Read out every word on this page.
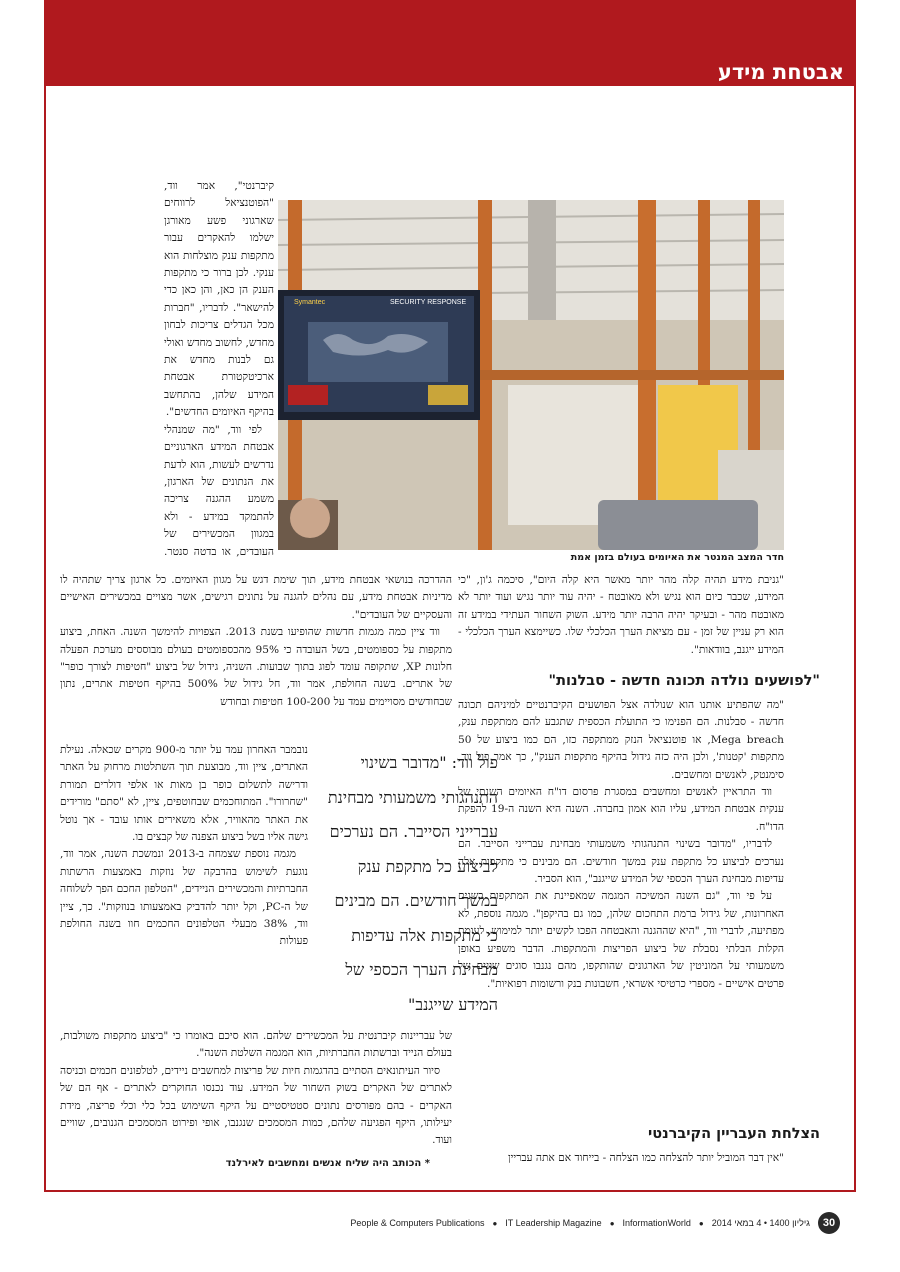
אבטחת מידע

קיברנטי", אמר ווד, "הפוטנציאל לרווחים שארגוני פשע מאורגן ישלמו להאקרים עבור מתקפות ענק מוצלחות הוא ענקי. לכן ברור כי מתקפות הענק הן כאן, והן כאן כדי להישאר". לדבריו, "חברות מכל הגדלים צריכות לבחון מחדש, לחשוב מחדש ואולי גם לבנות מחדש את ארכיטקטורת אבטחת המידע שלהן, בהתחשב בהיקף האיומים החדשים".

לפי ווד, "מה שמנהלי אבטחת המידע הארגוניים נדרשים לעשות, הוא לדעת את הנתונים של הארגון, משמע ההגנה צריכה להתמקד במידע - ולא במגוון המכשירים של העובדים, או בדטה סנטר.

Symantec	SECURITY RESPONSE
חדר המצב המנטר את האיומים בעולם בזמן אמת

"גניבת מידע תהיה קלה מהר יותר מאשר היא קלה היום", סיכמה ג'ון, "כי המידע, שכבר כיום הוא נגיש ולא מאובטח - יהיה עוד יותר נגיש ועוד יותר לא מאובטח מהר - ובעיקר יהיה הרבה יותר מידע. השוק השחור העתידי במידע זה הוא רק עניין של זמן - עם מציאת הערך הכלכלי שלו. כשיימצא הערך הכלכלי - המידע ייגנב, בוודאות".

"לפושעים נולדה תכונה חדשה - סבלנות"

"מה שהפתיע אותנו הוא שנולדה אצל הפושעים הקיברנטיים למיניהם תכונה חדשה - סבלנות. הם הפנימו כי התועלת הכספית שתגבע להם ממתקפת ענק, Mega breach, או פוטנציאל הנזק ממתקפה כזו, הם כמו ביצוע של 50 מתקפות 'קטנות', ולכן היה כזה גידול בהיקף מתקפות הענק", כך אמר פול ווד, סימנטק, לאנשים ומחשבים.

ווד התראיין לאנשים ומחשבים במסגרת פרסום דו"ח האיומים השנתי של ענקית אבטחת המידע, עליו הוא אמון בחברה. השנה היא השנה ה-19 להפקת הדו"ח.

לדבריו, "מדובר בשינוי התנהגותי משמעותי מבחינת עברייני הסייבר. הם נערכים לביצוע כל מתקפת ענק במשך חודשים. הם מבינים כי מתקפות אלה עדיפות מבחינת הערך הכספי של המידע שייגנב", הוא הסביר.

על פי ווד, "גם השנה המשיכה המגמה שמאפיינת את המתקפות בשנים האחרונות, של גידול ברמת התחכום שלהן, כמו גם בהיקפן". מגמה נוספת, לא מפתיעה, לדברי ווד, "היא שההגנה והאבטחה הפכו לקשים יותר למימוש, לעומת הקלות הבלתי נסבלת של ביצוע הפריצות והמתקפות. הדבר משפיע באופן משמעותי על המוניטין של הארגונים שהותקפו, מהם נגנבו סוגים שונים של פרטים אישיים - מספרי כרטיסי אשראי, חשבונות בנק ורשומות רפואיות".

הצלחת העבריין הקיברנטי

"אין דבר המוביל יותר להצלחה כמו הצלחה - בייחוד אם אתה עבריין

ההדרכה בנושאי אבטחת מידע, תוך שימת דגש על מגוון האיומים. כל ארגון צריך שתהיה לו מדיניות אבטחת מידע, עם נהלים להגנה על נתונים רגישים, אשר מצויים במכשירים האישיים והעסקיים של העובדים".

ווד ציין כמה מגמות חדשות שהופיעו בשנת 2013. הצפויות להימשך השנה. האחת, ביצוע מתקפות על כספומטים, בשל העובדה כי 95% מהכספומטים בעולם מבוססים מערכת הפעלה חלונות XP, שתקופה עומד לפוג בתוך שבועות. השניה, גידול של ביצוע "חטיפות לצורך כופר" של אתרים. בשנה החולפת, אמר ווד, חל גידול של 500% בהיקף חטיפות אתרים, נתון שבחודשים מסויימים עמד על 100-200 חטיפות ובחודש

נובמבר האחרון עמד על יותר מ-900 מקרים שכאלה. נעילת האתרים, ציין ווד, מבוצעת תוך השתלטות מרחוק על האתר ודרישה לתשלום כופר בן מאות או אלפי דולרים תמורת "שחרורו". המתוחכמים שבחוטפים, ציין, לא "סתם" מורידים את האתר מהאוויר, אלא משאירים אותו עובד - אך נוטל גישה אליו בשל ביצוע הצפנה של קבצים בו.

מגמה נוספת שצמחה ב-2013 ונמשכת השנה, אמר ווד, נוגעת לשימוש בהדבקה של נוזקות באמצעות הרשתות החברתיות והמכשירים הניידים, "הטלפון החכם הפך לשלוחה של ה-PC, וקל יותר להדביק באמצעותו בנוזקות". כך, ציין ווד, 38% מבעלי הטלפונים החכמים חוו בשנה החולפת פעולות

פול ווד: "מדובר בשינוי התנהגותי משמעותי מבחינת עברייני הסייבר. הם נערכים לביצוע כל מתקפת ענק במשך חודשים. הם מבינים כי מתקפות אלה עדיפות מבחינת הערך הכספי של המידע שייגנב"

של עבריינות קיברנטית על המכשירים שלהם. הוא סיכם באומרו כי "ביצוע מתקפות משולבות, בעולם הנייד וברשתות החברתיות, הוא המגמה השלטת השנה".

סיור העיתונאים הסתיים בהדגמות חיות של פריצות למחשבים ניידים, לטלפונים חכמים וכניסה לאתרים של האקרים בשוק השחור של המידע. עוד נכנסו החוקרים לאתרים - אף הם של האקרים - בהם מפורסים נתונים סטטיסטיים על היקף השימוש בכל כלי וכלי פריצה, מידת יעילותו, היקף הפגיעה שלהם, כמות המסמכים שנגנבו, אופי ופירוט המסמכים הגנובים, שוויים ועוד.

* הכותב היה שליח אנשים ומחשבים לאירלנד
People & Computers Publications ● IT Leadership Magazine ● InformationWorld ● גיליון 1400 • 4 במאי 2014	30
